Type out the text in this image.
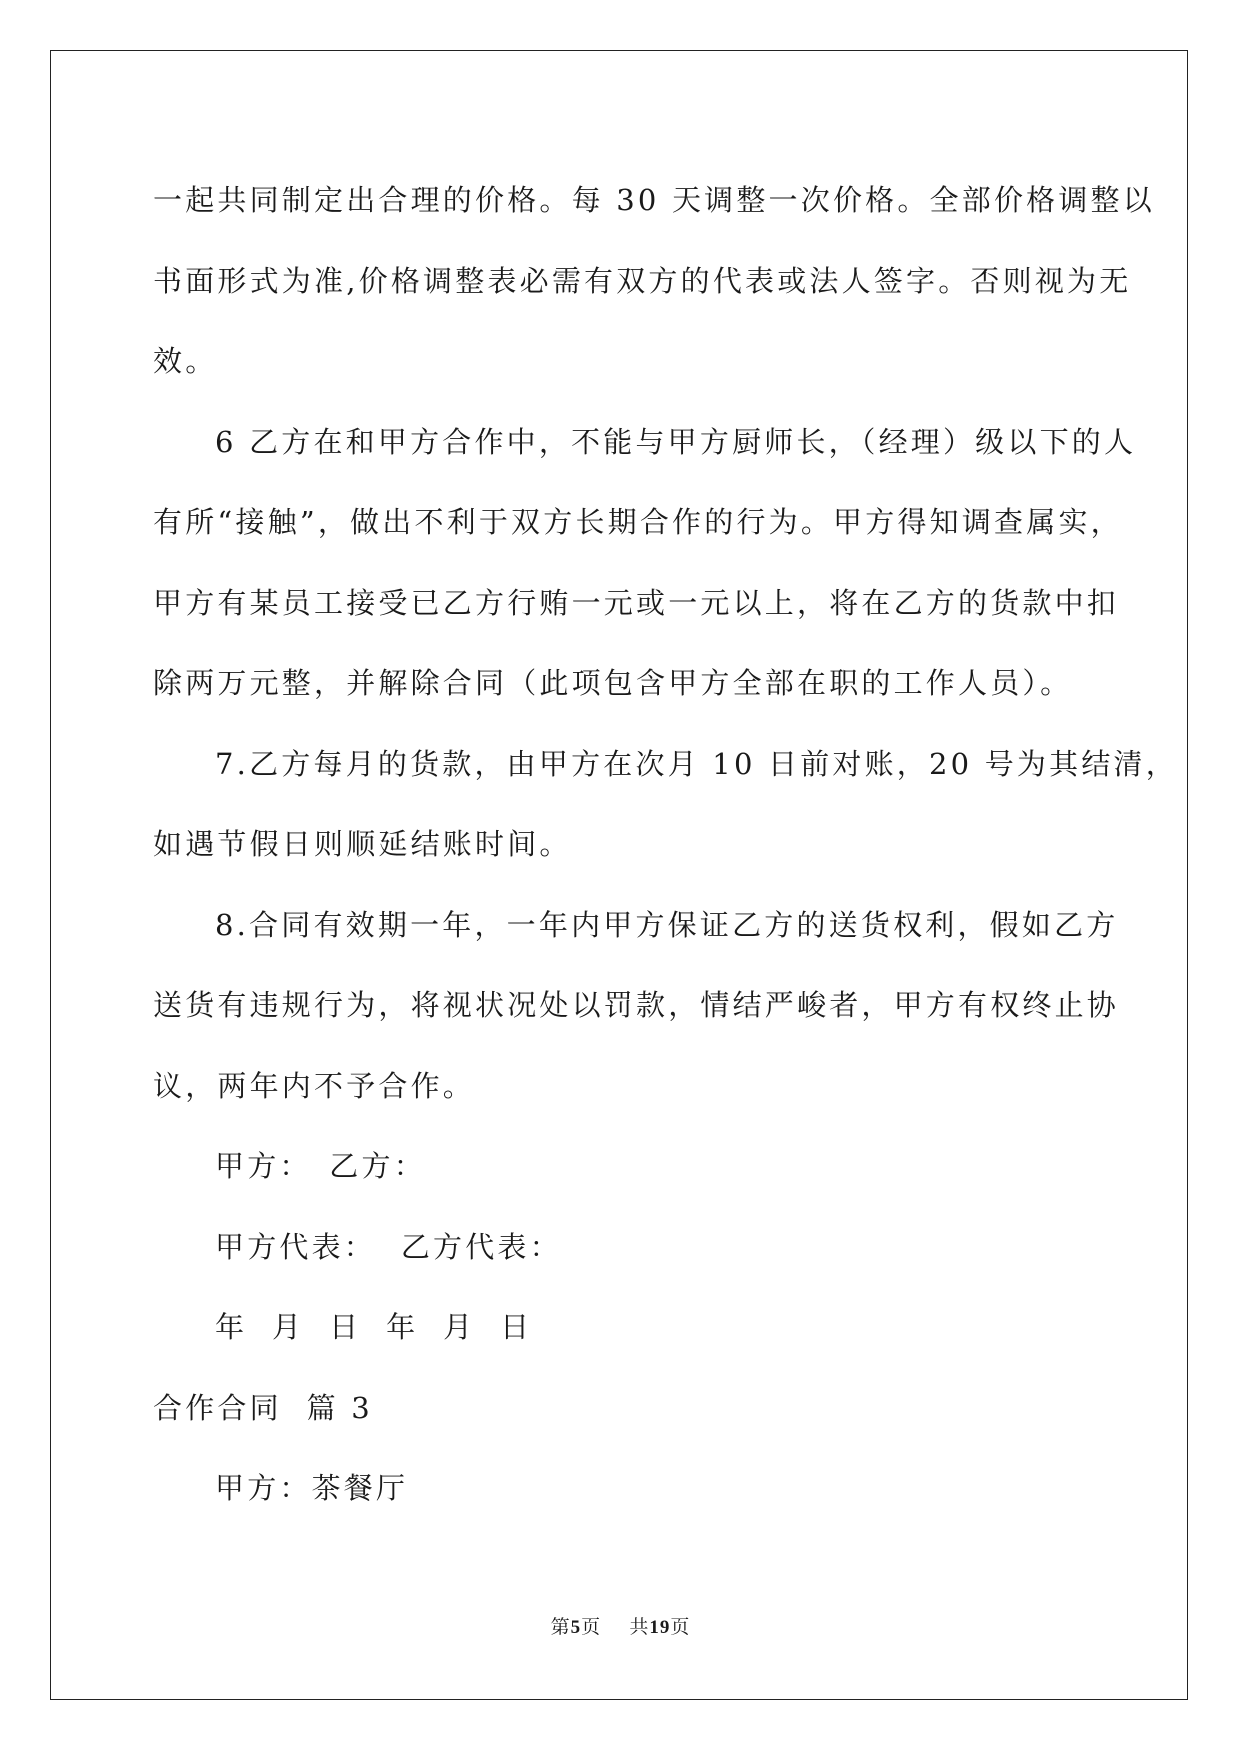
一起共同制定出合理的价格。每 30 天调整一次价格。全部价格调整以

书面形式为准,价格调整表必需有双方的代表或法人签字。否则视为无

效。

6 乙方在和甲方合作中，不能与甲方厨师长，（经理）级以下的人

有所“接触”，做出不利于双方长期合作的行为。甲方得知调查属实，

甲方有某员工接受已乙方行贿一元或一元以上，将在乙方的货款中扣

除两万元整，并解除合同（此项包含甲方全部在职的工作人员）。

7.乙方每月的货款，由甲方在次月 10 日前对账，20 号为其结清，

如遇节假日则顺延结账时间。

8.合同有效期一年，一年内甲方保证乙方的送货权利，假如乙方

送货有违规行为，将视状况处以罚款，情结严峻者，甲方有权终止协

议，两年内不予合作。

甲方：　乙方：

甲方代表：  乙方代表：

年  月  日  年  月  日

合作合同  篇 3

甲方：茶餐厅

第5页 共19页
